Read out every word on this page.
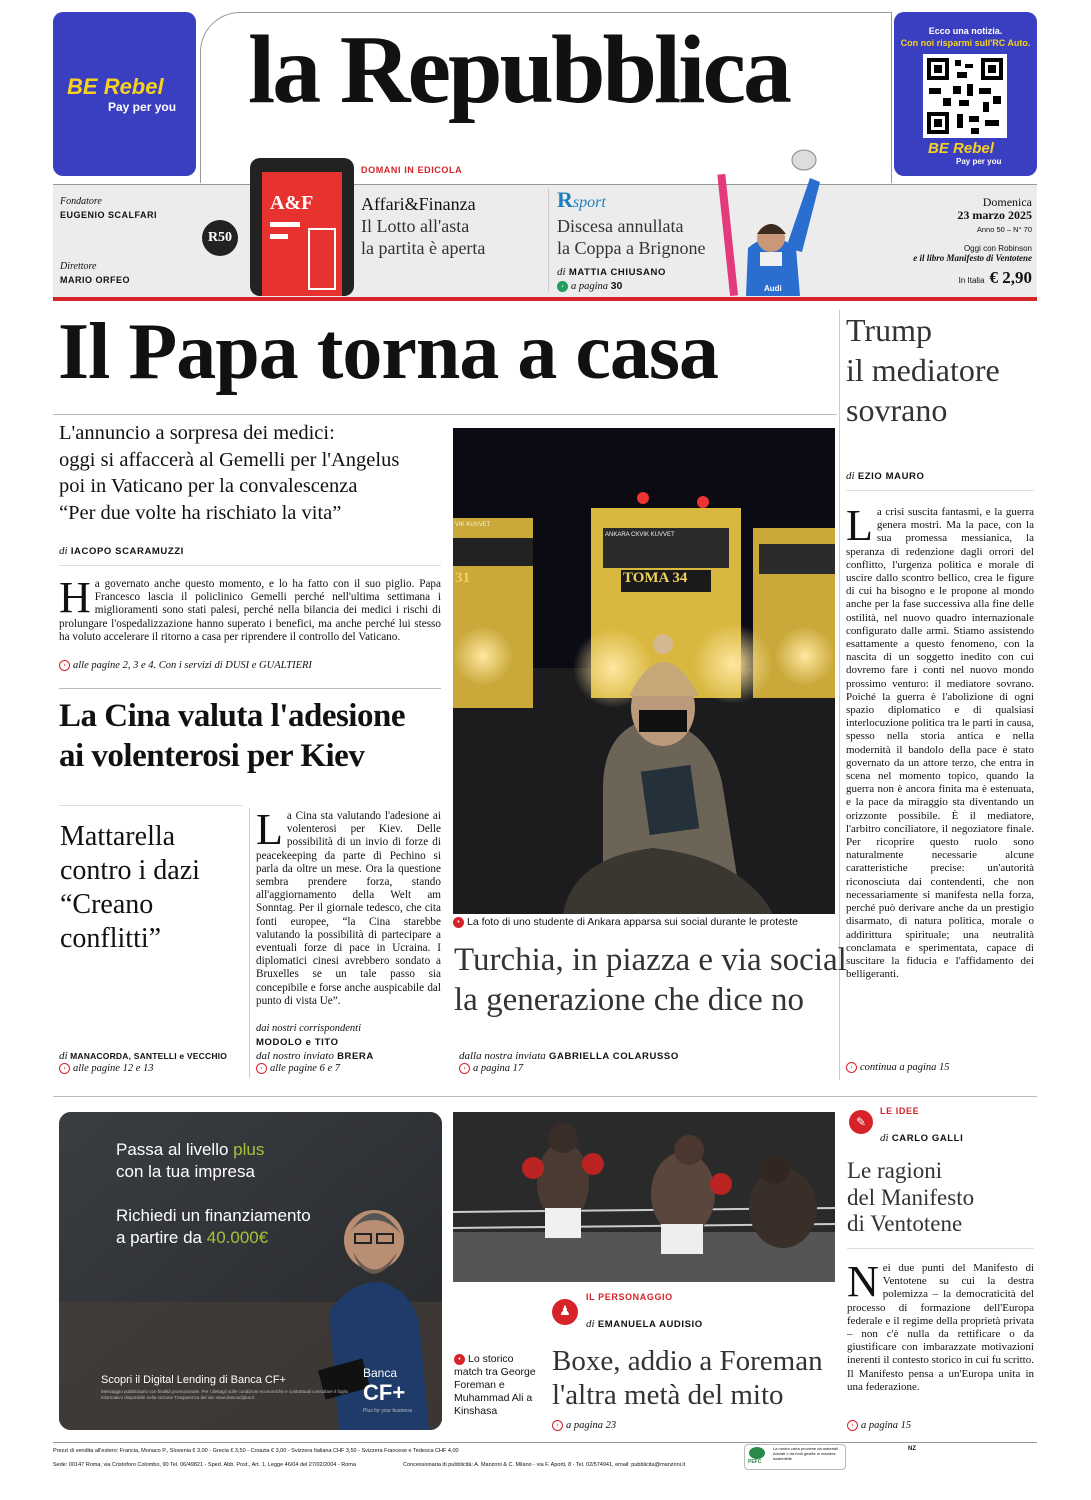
BE Rebel
Pay per you la Repubblica	Ecco una notizia.
Con noi risparmi sull'RC Auto.
BE Rebel
Pay per you
Fondatore
EUGENIO SCALFARI
Direttore
MARIO ORFEO
R50
DOMANI IN EDICOLA
A&F	Affari&Finanza
Il Lotto all'asta
la partita è aperta
Rsport
Discesa annullata
la Coppa a Brignone
di MATTIA CHIUSANO
› a pagina 30	Audi
Domenica
23 marzo 2025
Anno 50 – N° 70
Oggi con Robinson
e il libro Manifesto di Ventotene
In Italia € 2,90
Il Papa torna a casa
L'annuncio a sorpresa dei medici:
oggi si affaccerà al Gemelli per l'Angelus
poi in Vaticano per la convalescenza
“Per due volte ha rischiato la vita”
di IACOPO SCARAMUZZI
Ha governato anche questo momento, e lo ha fatto con il suo piglio. Papa Francesco lascia il policlinico Gemelli perché nell'ultima settimana i miglioramenti sono stati palesi, perché nella bilancia dei medici i rischi di prolungare l'ospedalizzazione hanno superato i benefici, ma anche perché lui stesso ha voluto accelerare il ritorno a casa per riprendere il controllo del Vaticano.
› alle pagine 2, 3 e 4. Con i servizi di DUSI e GUALTIERI
La Cina valuta l'adesione
ai volenterosi per Kiev
La Cina sta valutando l'adesione ai volenterosi per Kiev. Delle possibilità di un invio di forze di peacekeeping da parte di Pechino si parla da oltre un mese. Ora la questione sembra prendere forza, stando all'aggiornamento della Welt am Sonntag. Per il giornale tedesco, che cita fonti europee, “la Cina starebbe valutando la possibilità di partecipare a eventuali forze di pace in Ucraina. I diplomatici cinesi avrebbero sondato a Bruxelles se un tale passo sia concepibile e forse anche auspicabile dal punto di vista Ue”.
dai nostri corrispondenti
MODOLO e TITO
dal nostro inviato BRERA
› alle pagine 6 e 7
Mattarella
contro i dazi
“Creano
conflitti”
di MANACORDA, SANTELLI e VECCHIO
› alle pagine 12 e 13
TOMA 34
ANKARA CKVIK KUVVET
VIK KUVVET
31
• La foto di uno studente di Ankara apparsa sui social durante le proteste
Turchia, in piazza e via social
la generazione che dice no
dalla nostra inviata GABRIELLA COLARUSSO
› a pagina 17
Trump
il mediatore
sovrano
di EZIO MAURO
La crisi suscita fantasmi, e la guerra genera mostri. Ma la pace, con la sua promessa messianica, la speranza di redenzione dagli orrori del conflitto, l'urgenza politica e morale di uscire dallo scontro bellico, crea le figure di cui ha bisogno e le propone al mondo anche per la fase successiva alla fine delle ostilità, nel nuovo quadro internazionale configurato dalle armi. Stiamo assistendo esattamente a questo fenomeno, con la nascita di un soggetto inedito con cui dovremo fare i conti nel nuovo mondo prossimo venturo: il mediatore sovrano. Poiché la guerra è l'abolizione di ogni spazio diplomatico e di qualsiasi interlocuzione politica tra le parti in causa, spesso nella storia antica e nella modernità il bandolo della pace è stato governato da un attore terzo, che entra in scena nel momento topico, quando la guerra non è ancora finita ma è estenuata, e la pace da miraggio sta diventando un orizzonte possibile. È il mediatore, l'arbitro conciliatore, il negoziatore finale. Per ricoprire questo ruolo sono naturalmente necessarie alcune caratteristiche precise: un'autorità riconosciuta dai contendenti, che non necessariamente si manifesta nella forza, perché può derivare anche da un prestigio disarmato, di natura politica, morale o addirittura spirituale; una neutralità conclamata e sperimentata, capace di suscitare la fiducia e l'affidamento dei belligeranti.
› continua a pagina 15
Passa al livello plus
con la tua impresa
Richiedi un finanziamento
a partire da 40.000€
Scopri il Digital Lending di Banca CF+
Messaggio pubblicitario con finalità promozionale. Per i dettagli sulle condizioni economiche e contrattuali consultare il foglio informativo disponibile nella sezione Trasparenza del sito www.bancacfplus.it
Banca
CF+
Plus for your business
♟
IL PERSONAGGIO
di EMANUELA AUDISIO
• Lo storico match tra George Foreman e Muhammad Ali a Kinshasa
Boxe, addio a Foreman
l'altra metà del mito
› a pagina 23
✎
LE IDEE
di CARLO GALLI
Le ragioni
del Manifesto
di Ventotene
Nei due punti del Manifesto di Ventotene su cui la destra polemizza – la democraticità del processo di formazione dell'Europa federale e il regime della proprietà privata – non c'è nulla da rettificare o da giustificare con imbarazzate motivazioni inerenti il contesto storico in cui fu scritto. Il Manifesto pensa a un'Europa unita in una federazione.
› a pagina 15
Prezzi di vendita all'estero: Francia, Monaco P., Slovenia € 3,00 - Grecia € 3,50 - Croazia € 3,00 - Svizzera Italiana CHF 3,50 - Svizzera Francese e Tedesca CHF 4,00
Sede: 00147 Roma, via Cristoforo Colombo, 90 Tel. 06/49821 - Sped. Abb. Post., Art. 1, Legge 46/04 del 27/02/2004 - Roma	Concessionaria di pubblicità: A. Manzoni & C. Milano - via F. Aporti, 8 - Tel. 02/574941, email: pubblicita@manzoni.it	PEFC
La nostra carta proviene da materiali riciclati o da fonti gestite in maniera sostenibile
NZ
